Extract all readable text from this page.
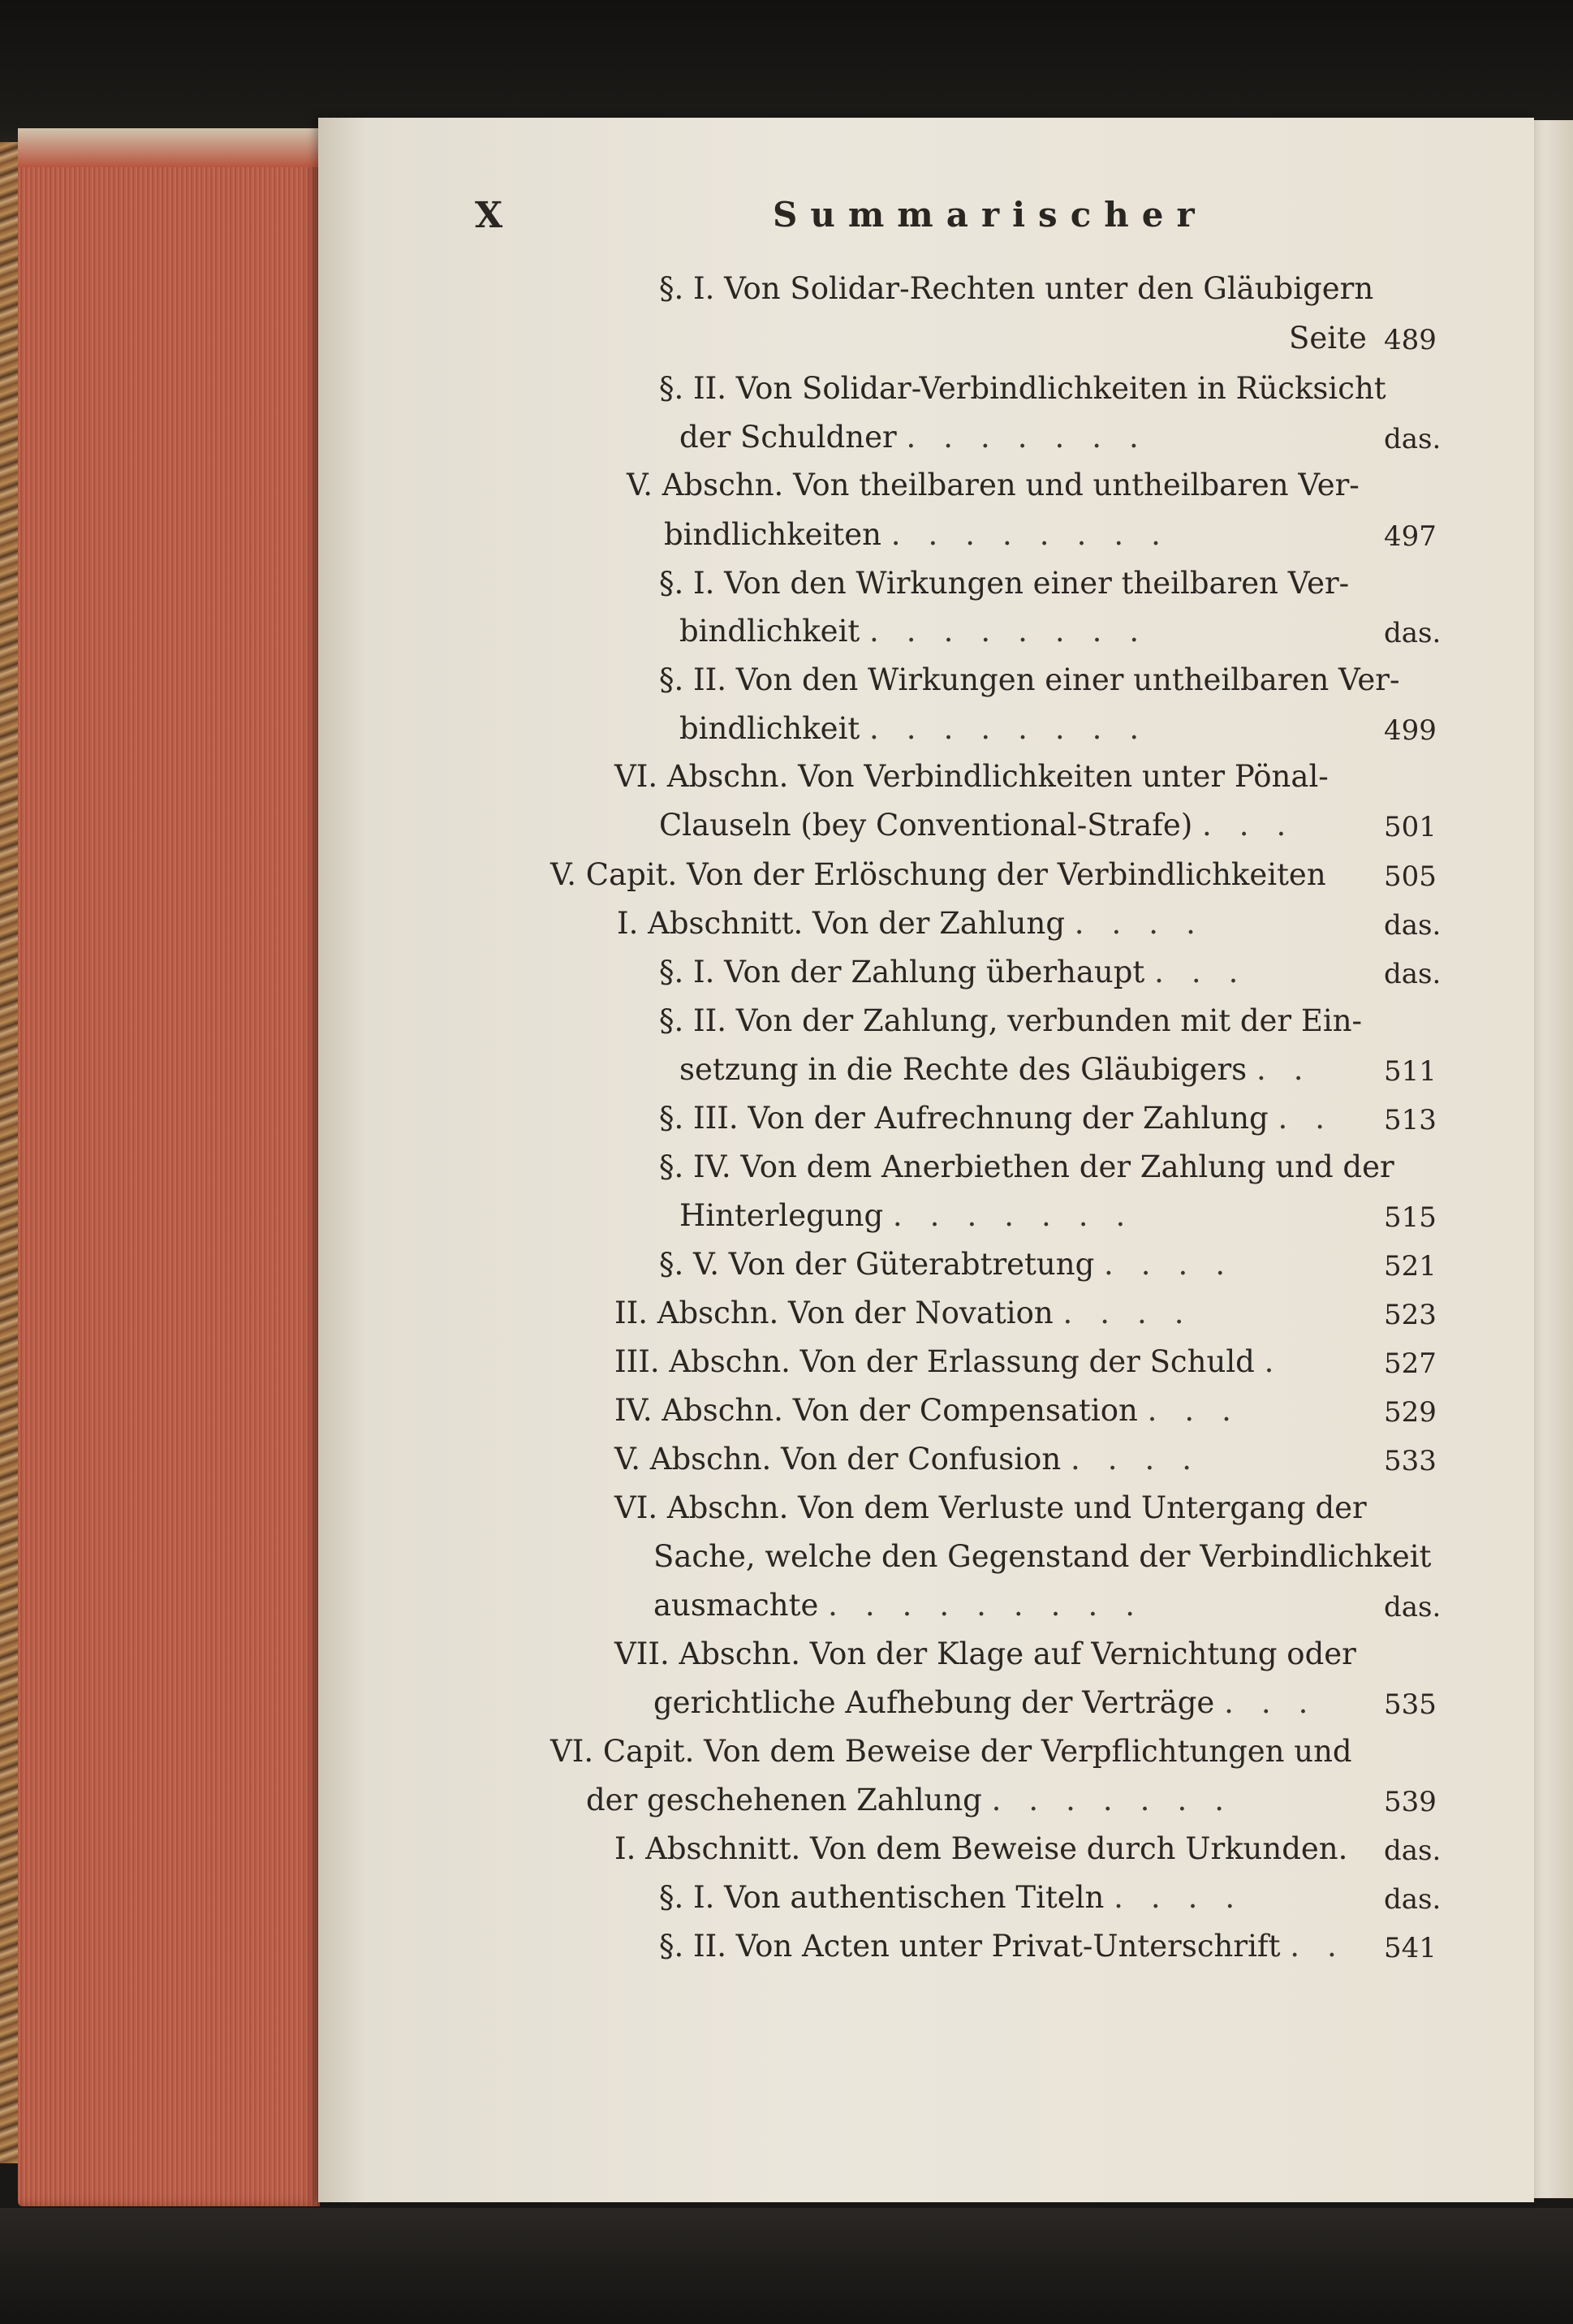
X	Summarischer
§. I. Von Solidar-Rechten unter den Gläubigern
Seite 489
§. II. Von Solidar-Verbindlichkeiten in Rücksicht
der Schuldner .......	das.
V. Abschn. Von theilbaren und untheilbaren Ver-
bindlichkeiten ........	497
§. I. Von den Wirkungen einer theilbaren Ver-
bindlichkeit ........	das.
§. II. Von den Wirkungen einer untheilbaren Ver-
bindlichkeit ........	499
VI. Abschn. Von Verbindlichkeiten unter Pönal-
Clauseln (bey Conventional-Strafe) ...	501
V. Capit. Von der Erlöschung der Verbindlichkeiten 505
I. Abschnitt. Von der Zahlung ....	das.
§. I. Von der Zahlung überhaupt ...	das.
§. II. Von der Zahlung, verbunden mit der Ein-
setzung in die Rechte des Gläubigers .. 511
§. III. Von der Aufrechnung der Zahlung .. 513
§. IV. Von dem Anerbiethen der Zahlung und der
Hinterlegung .......	515
§. V. Von der Güterabtretung ....	521
II. Abschn. Von der Novation ....	523
III. Abschn. Von der Erlassung der Schuld .	527
IV. Abschn. Von der Compensation ...	529
V. Abschn. Von der Confusion ....	533
VI. Abschn. Von dem Verluste und Untergang der
Sache, welche den Gegenstand der Verbindlichkeit
ausmachte .........	das.
VII. Abschn. Von der Klage auf Vernichtung oder
gerichtliche Aufhebung der Verträge ... 535
VI. Capit. Von dem Beweise der Verpflichtungen und
der geschehenen Zahlung .......	539
I. Abschnitt. Von dem Beweise durch Urkunden. das.
§. I. Von authentischen Titeln ....	das.
§. II. Von Acten unter Privat-Unterschrift .. 541
